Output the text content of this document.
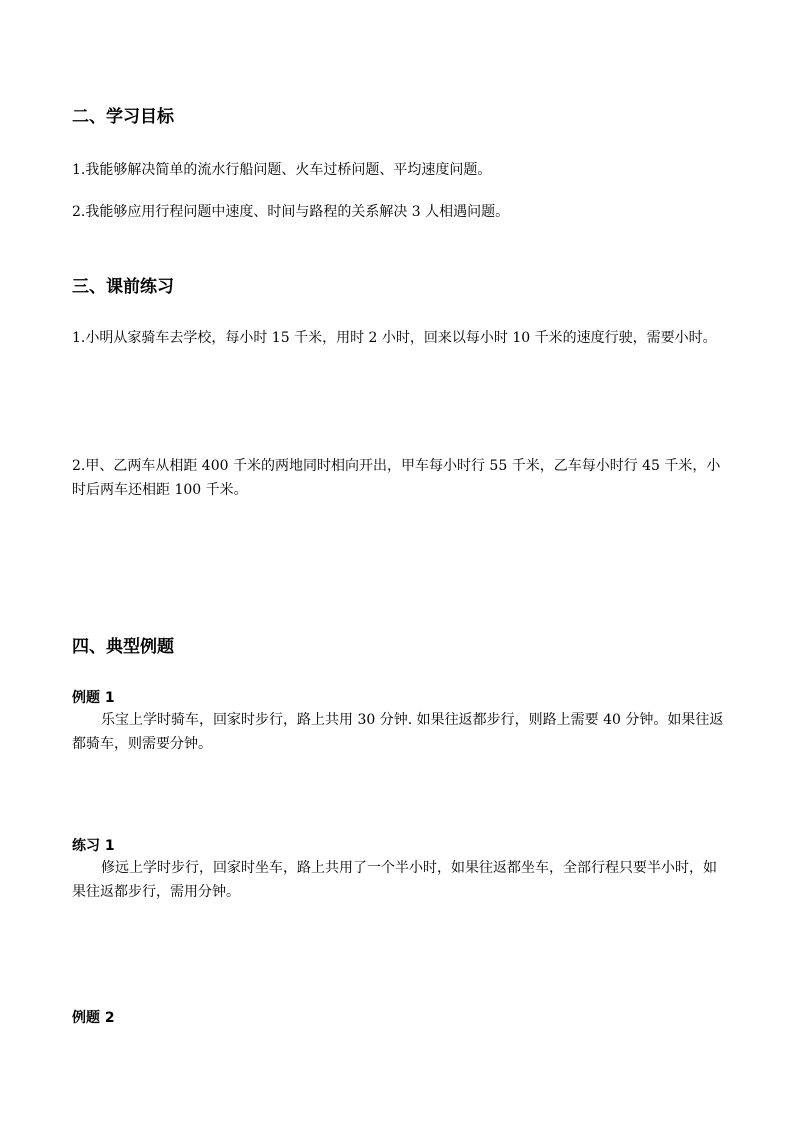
二、学习目标
1.我能够解决简单的流水行船问题、火车过桥问题、平均速度问题。
2.我能够应用行程问题中速度、时间与路程的关系解决 3 人相遇问题。
三、课前练习
1.小明从家骑车去学校，每小时 15 千米，用时 2 小时，回来以每小时 10 千米的速度行驶，需要小时。
2.甲、乙两车从相距 400 千米的两地同时相向开出，甲车每小时行 55 千米，乙车每小时行 45 千米，小时后两车还相距 100 千米。
四、典型例题
例题 1
乐宝上学时骑车，回家时步行，路上共用 30 分钟. 如果往返都步行，则路上需要 40 分钟。如果往返都骑车，则需要分钟。
练习 1
修远上学时步行，回家时坐车，路上共用了一个半小时，如果往返都坐车，全部行程只要半小时，如果往返都步行，需用分钟。
例题 2
